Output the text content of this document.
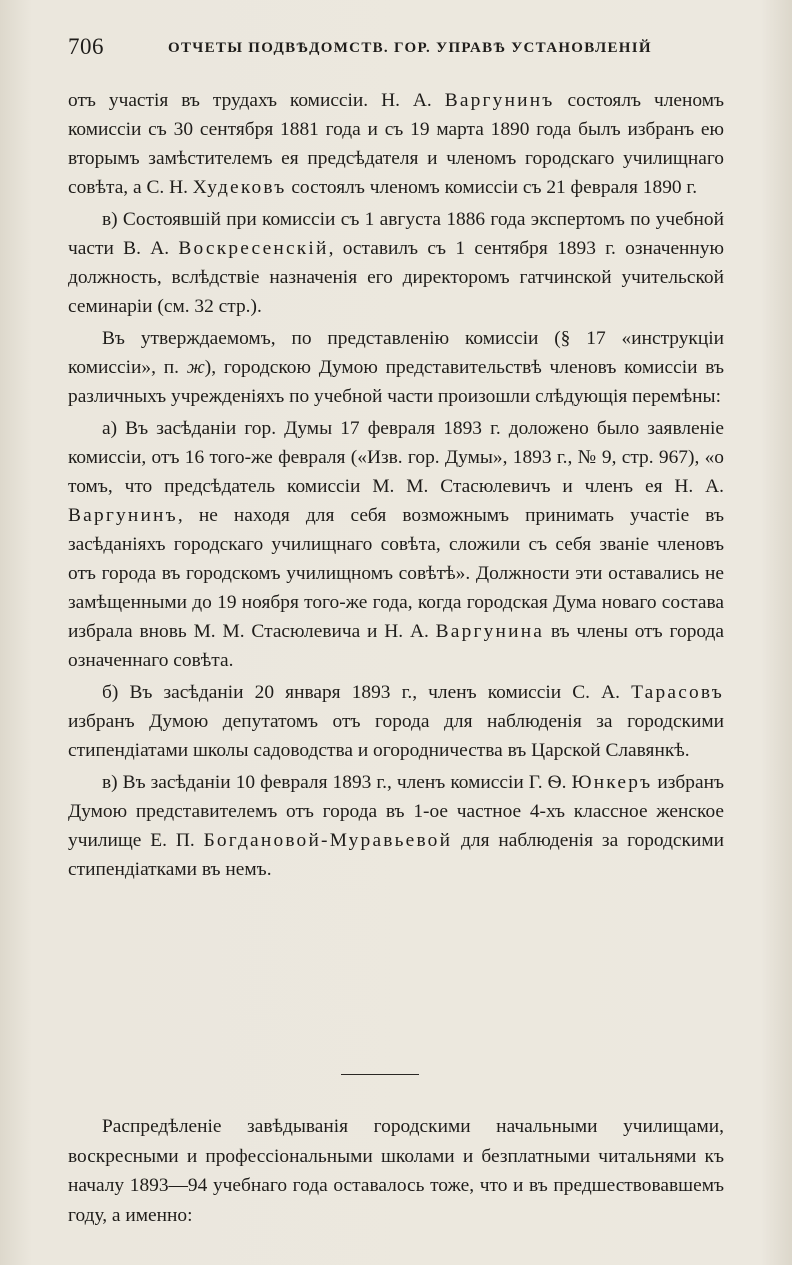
706	ОТЧЕТЫ ПОДВѢДОМСТВ. ГОР. УПРАВѢ УСТАНОВЛЕНІЙ

отъ участія въ трудахъ комиссіи. Н. А. Варгунинъ состоялъ членомъ комиссіи съ 30 сентября 1881 года и съ 19 марта 1890 года былъ избранъ ею вторымъ замѣстителемъ ея предсѣдателя и членомъ городскаго училищнаго совѣта, а С. Н. Худековъ состоялъ членомъ комиссіи съ 21 февраля 1890 г.

в) Состоявшій при комиссіи съ 1 августа 1886 года экспертомъ по учебной части В. А. Воскресенскій, оставилъ съ 1 сентября 1893 г. означенную должность, вслѣдствіе назначенія его директоромъ гатчинской учительской семинаріи (см. 32 стр.).

Въ утверждаемомъ, по представленію комиссіи (§ 17 «инструкціи комиссіи», п. ж), городскою Думою представительствѣ членовъ комиссіи въ различныхъ учрежденіяхъ по учебной части произошли слѣдующія перемѣны:

а) Въ засѣданіи гор. Думы 17 февраля 1893 г. доложено было заявленіе комиссіи, отъ 16 того-же февраля («Изв. гор. Думы», 1893 г., № 9, стр. 967), «о томъ, что предсѣдатель комиссіи М. М. Стасюлевичъ и членъ ея Н. А. Варгунинъ, не находя для себя возможнымъ принимать участіе въ засѣданіяхъ городскаго училищнаго совѣта, сложили съ себя званіе членовъ отъ города въ городскомъ училищномъ совѣтѣ». Должности эти оставались не замѣщенными до 19 ноября того-же года, когда городская Дума новаго состава избрала вновь М. М. Стасюлевича и Н. А. Варгунина въ члены отъ города означеннаго совѣта.

б) Въ засѣданіи 20 января 1893 г., членъ комиссіи С. А. Тарасовъ избранъ Думою депутатомъ отъ города для наблюденія за городскими стипендіатами школы садоводства и огородничества въ Царской Славянкѣ.

в) Въ засѣданіи 10 февраля 1893 г., членъ комиссіи Г. Ѳ. Юнкеръ избранъ Думою представителемъ отъ города въ 1-ое частное 4-хъ классное женское училище Е. П. Богдановой-Муравьевой для наблюденія за городскими стипендіатками въ немъ.

Распредѣленіе завѣдыванія городскими начальными училищами, воскресными и профессіональными школами и безплатными читальнями къ началу 1893—94 учебнаго года оставалось тоже, что и въ предшествовавшемъ году, а именно:
